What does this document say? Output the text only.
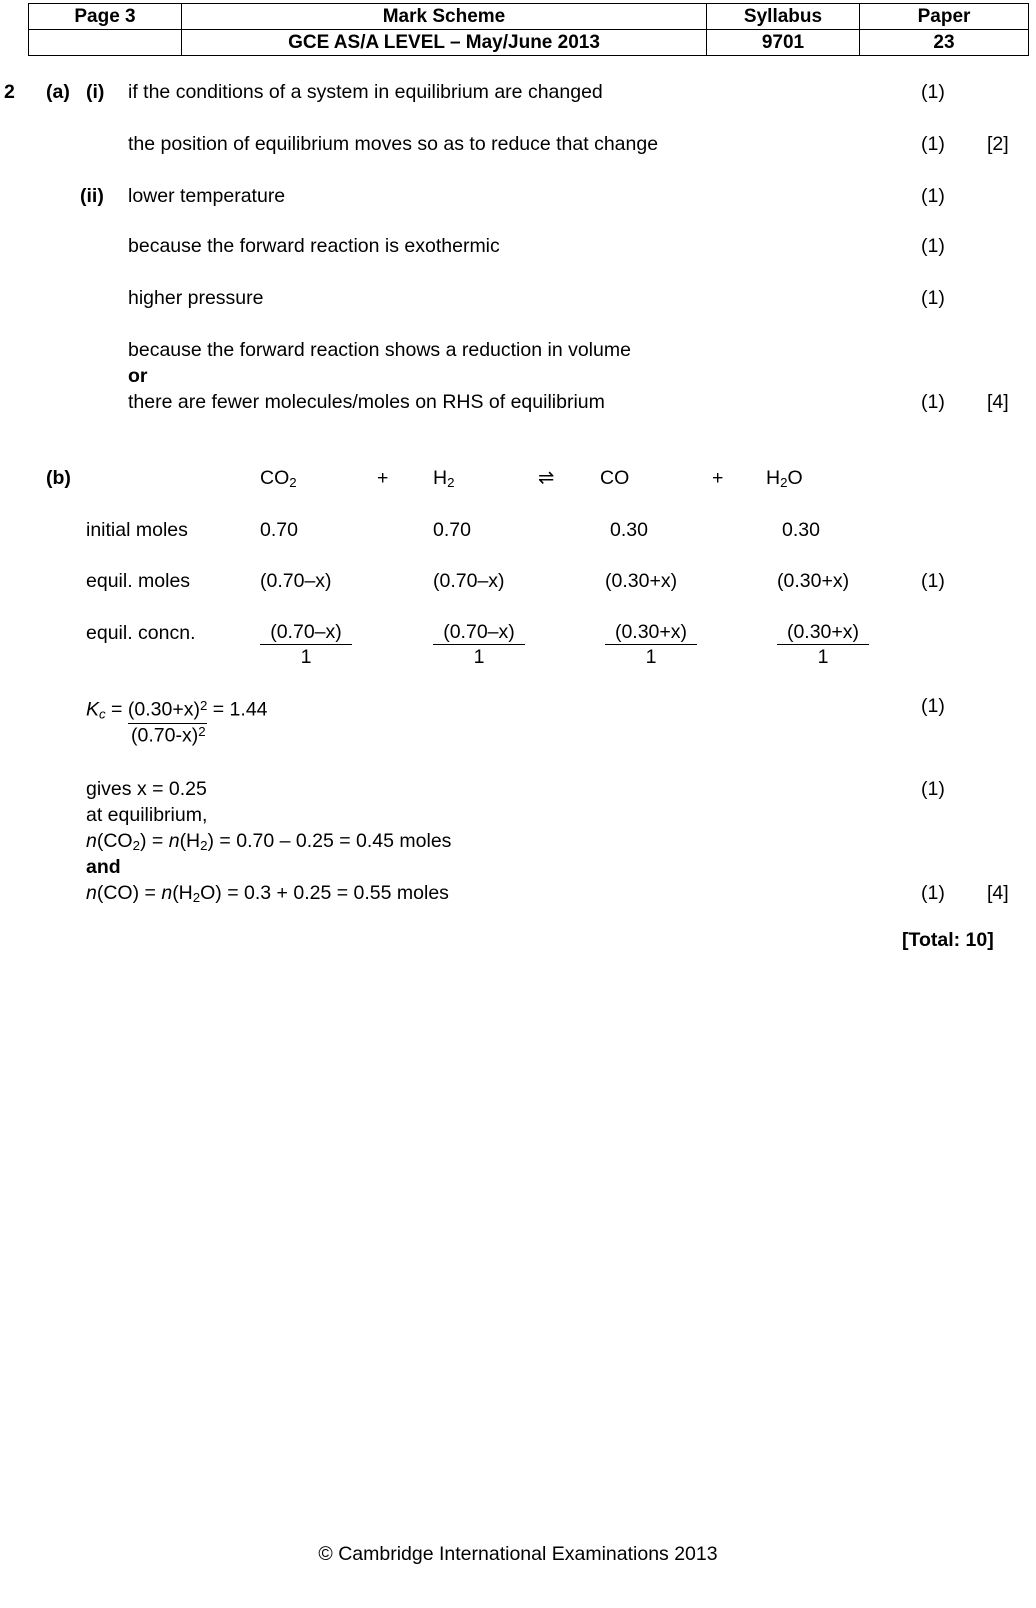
Page 3	Mark Scheme	Syllabus	Paper
	GCE AS/A LEVEL – May/June 2013	9701	23
2 (a) (i) if the conditions of a system in equilibrium are changed	(1)
the position of equilibrium moves so as to reduce that change	(1) [2]
(ii) lower temperature	(1)
because the forward reaction is exothermic	(1)
higher pressure	(1)
because the forward reaction shows a reduction in volume
or
there are fewer molecules/moles on RHS of equilibrium	(1) [4]
(b)	$CO_2$	+ $H_2$	⇌ CO	+ $H_2O$
initial moles	0.70	0.70	0.30	0.30
equil. moles	(0.70–x)	(0.70–x)	(0.30+x)	(0.30+x)	(1)
equil. concn.	$\frac{(0.70-x)}{1}$	$\frac{(0.70-x)}{1}$	$\frac{(0.30+x)}{1}$	$\frac{(0.30+x)}{1}$
$K_c = (0.30+x)^2 = 1.44$
$(0.70-x)^2$
(1)
gives x = 0.25	(1)
at equilibrium,
$n(CO_2) = n(H_2) = 0.70 - 0.25 = 0.45$ moles
and
$n(CO) = n(H_2O) = 0.3 + 0.25 = 0.55$ moles	(1) [4]
[Total: 10]
© Cambridge International Examinations 2013
